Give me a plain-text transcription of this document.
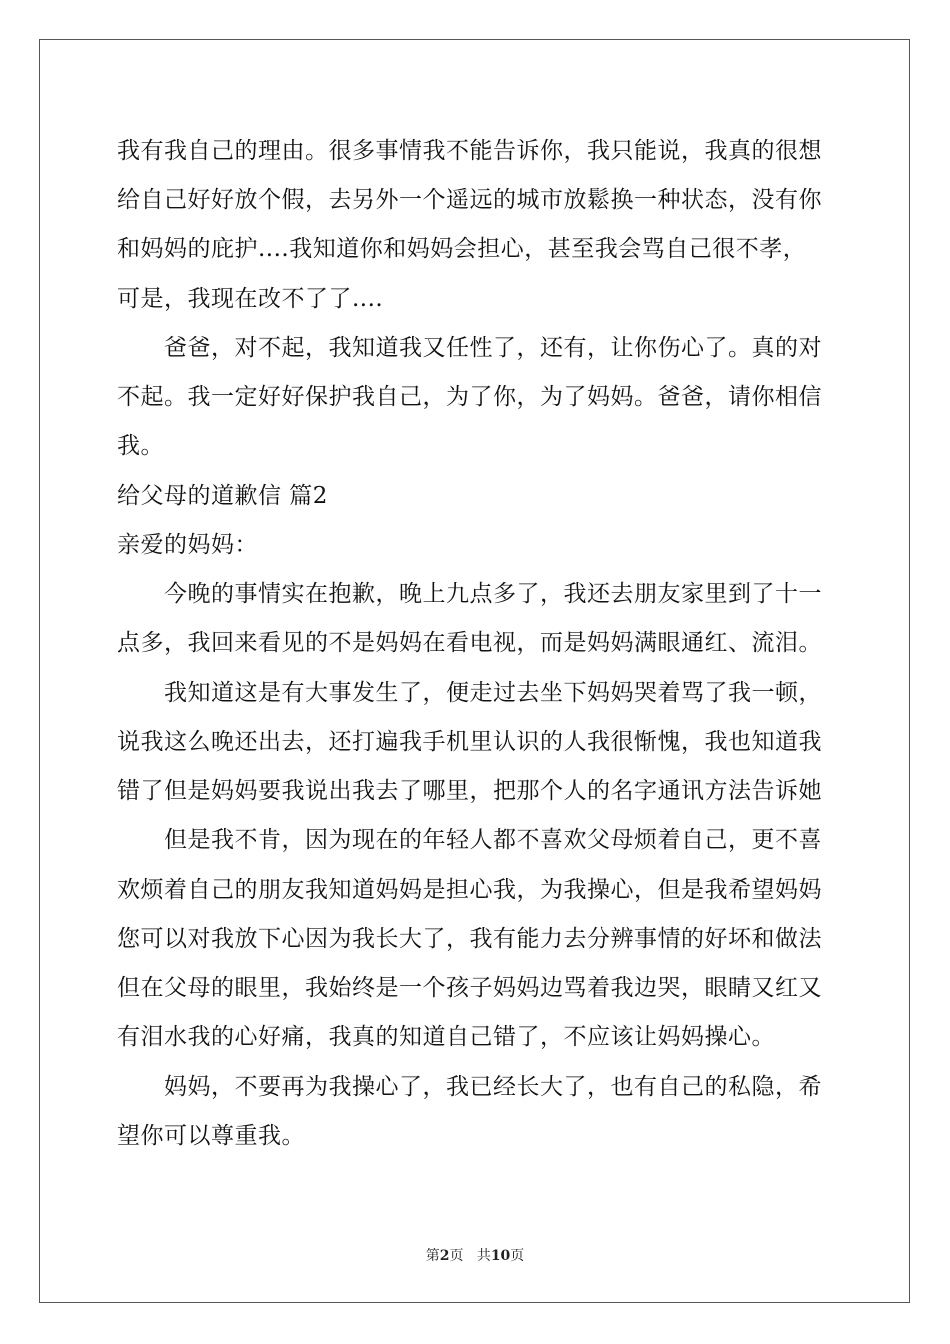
我有我自己的理由。很多事情我不能告诉你，我只能说，我真的很想
给自己好好放个假，去另外一个遥远的城市放鬆换一种状态，没有你
和妈妈的庇护....我知道你和妈妈会担心，甚至我会骂自己很不孝，
可是，我现在改不了了....
　　爸爸，对不起，我知道我又任性了，还有，让你伤心了。真的对
不起。我一定好好保护我自己，为了你，为了妈妈。爸爸，请你相信
我。
给父母的道歉信 篇2
亲爱的妈妈：
　　今晚的事情实在抱歉，晚上九点多了，我还去朋友家里到了十一
点多，我回来看见的不是妈妈在看电视，而是妈妈满眼通红、流泪。
　　我知道这是有大事发生了，便走过去坐下妈妈哭着骂了我一顿，
说我这么晚还出去，还打遍我手机里认识的人我很惭愧，我也知道我
错了但是妈妈要我说出我去了哪里，把那个人的名字通讯方法告诉她
　　但是我不肯，因为现在的年轻人都不喜欢父母烦着自己，更不喜
欢烦着自己的朋友我知道妈妈是担心我，为我操心，但是我希望妈妈
您可以对我放下心因为我长大了，我有能力去分辨事情的好坏和做法
但在父母的眼里，我始终是一个孩子妈妈边骂着我边哭，眼睛又红又
有泪水我的心好痛，我真的知道自己错了，不应该让妈妈操心。
　　妈妈，不要再为我操心了，我已经长大了，也有自己的私隐，希
望你可以尊重我。
第2页 共10页
